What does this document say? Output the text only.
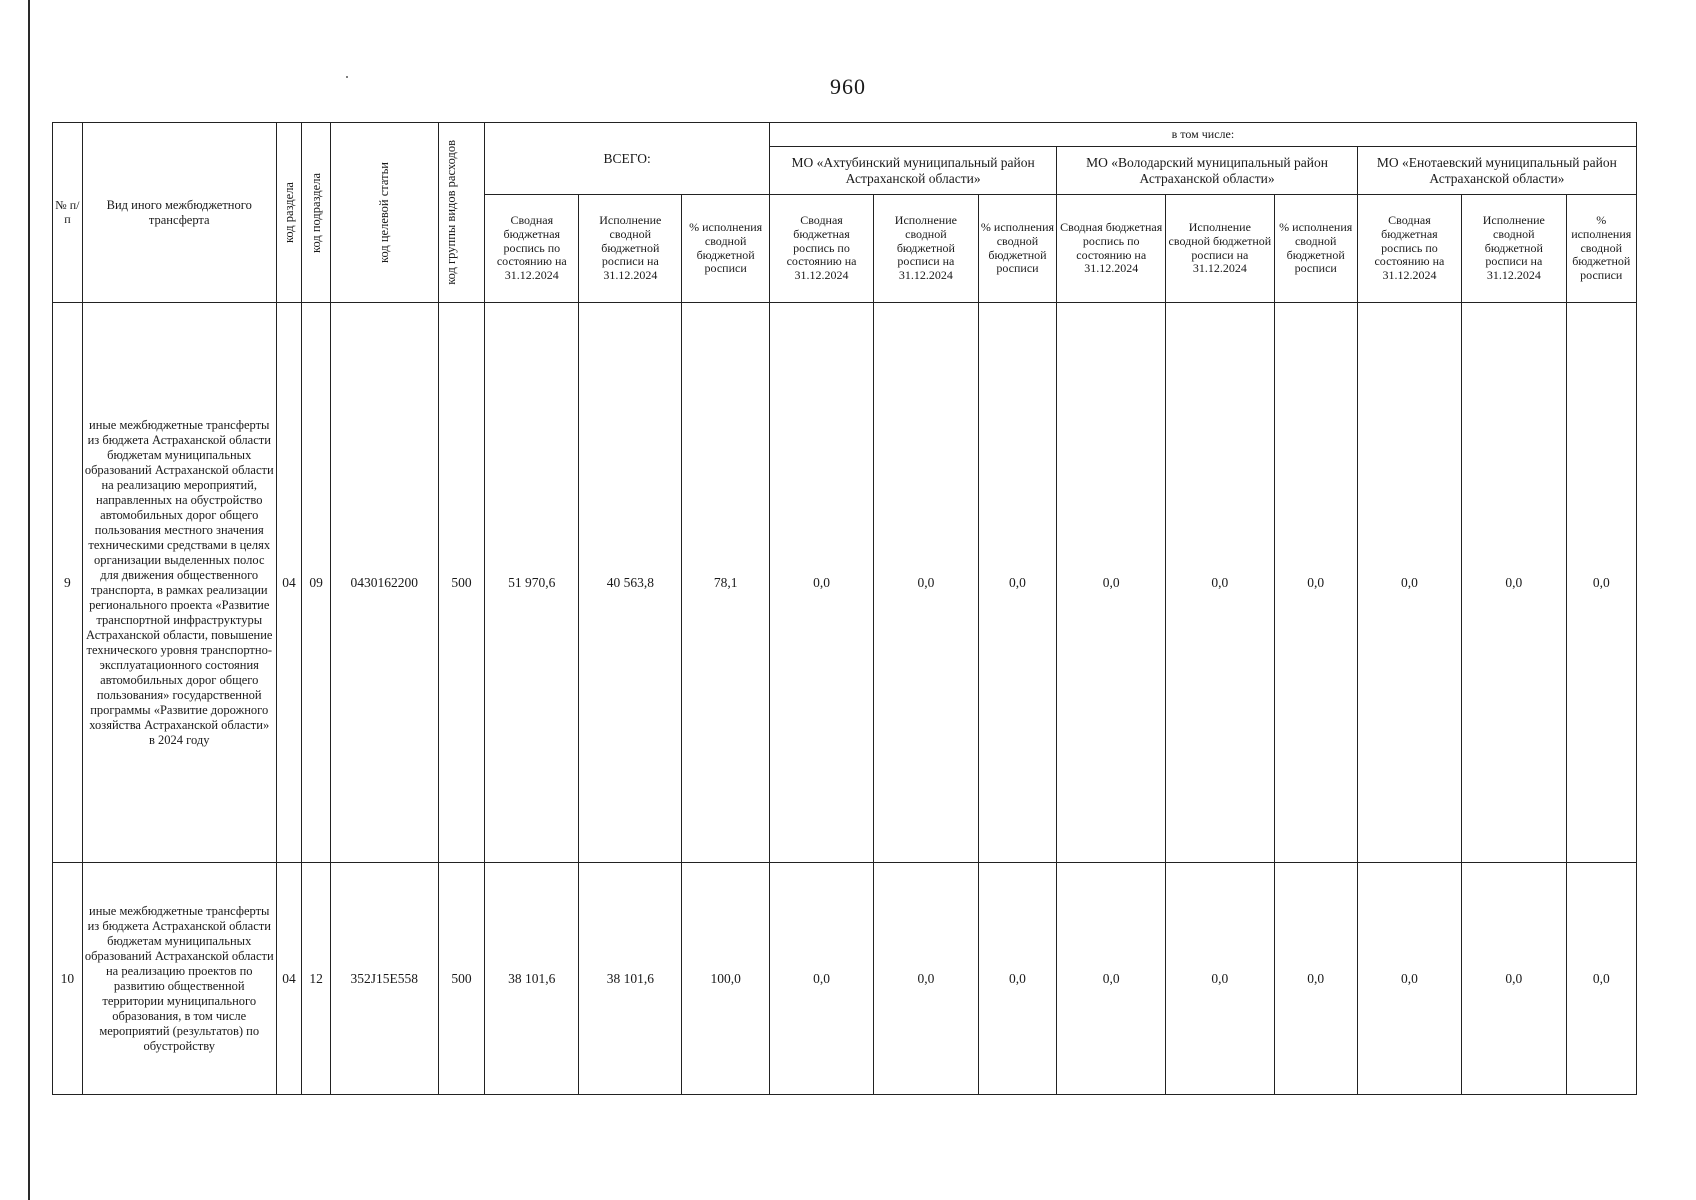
960
№ п/п	Вид иного межбюджетного трансферта	код раздела	код подраздела	код целевой статьи	код группы видов расходов	ВСЕГО:			в том числе:								
									МО «Ахтубинский муниципальный район Астраханской области»			МО «Володарский муниципальный район Астраханской области»			МО «Енотаевский муниципальный район Астраханской области»		
						Сводная бюджетная роспись по состоянию на 31.12.2024	Исполнение сводной бюджетной росписи на 31.12.2024	% исполнения сводной бюджетной росписи	Сводная бюджетная роспись по состоянию на 31.12.2024	Исполнение сводной бюджетной росписи на 31.12.2024	% исполнения сводной бюджетной росписи	Сводная бюджетная роспись по состоянию на 31.12.2024	Исполнение сводной бюджетной росписи на 31.12.2024	% исполнения сводной бюджетной росписи	Сводная бюджетная роспись по состоянию на 31.12.2024	Исполнение сводной бюджетной росписи на 31.12.2024	% исполнения сводной бюджетной росписи
9	иные межбюджетные трансферты из бюджета Астраханской области бюджетам муниципальных образований Астраханской области на реализацию мероприятий, направленных на обустройство автомобильных дорог общего пользования местного значения техническими средствами в целях организации выделенных полос для движения общественного транспорта, в рамках реализации регионального проекта «Развитие транспортной инфраструктуры Астраханской области, повышение технического уровня транспортно-эксплуатационного состояния автомобильных дорог общего пользования» государственной программы «Развитие дорожного хозяйства Астраханской области» в 2024 году	04	09	0430162200	500	51 970,6	40 563,8	78,1	0,0	0,0	0,0	0,0	0,0	0,0	0,0	0,0	0,0
10	иные межбюджетные трансферты из бюджета Астраханской области бюджетам муниципальных образований Астраханской области на реализацию проектов по развитию общественной территории муниципального образования, в том числе мероприятий (результатов) по обустройству	04	12	352J15E558	500	38 101,6	38 101,6	100,0	0,0	0,0	0,0	0,0	0,0	0,0	0,0	0,0	0,0
